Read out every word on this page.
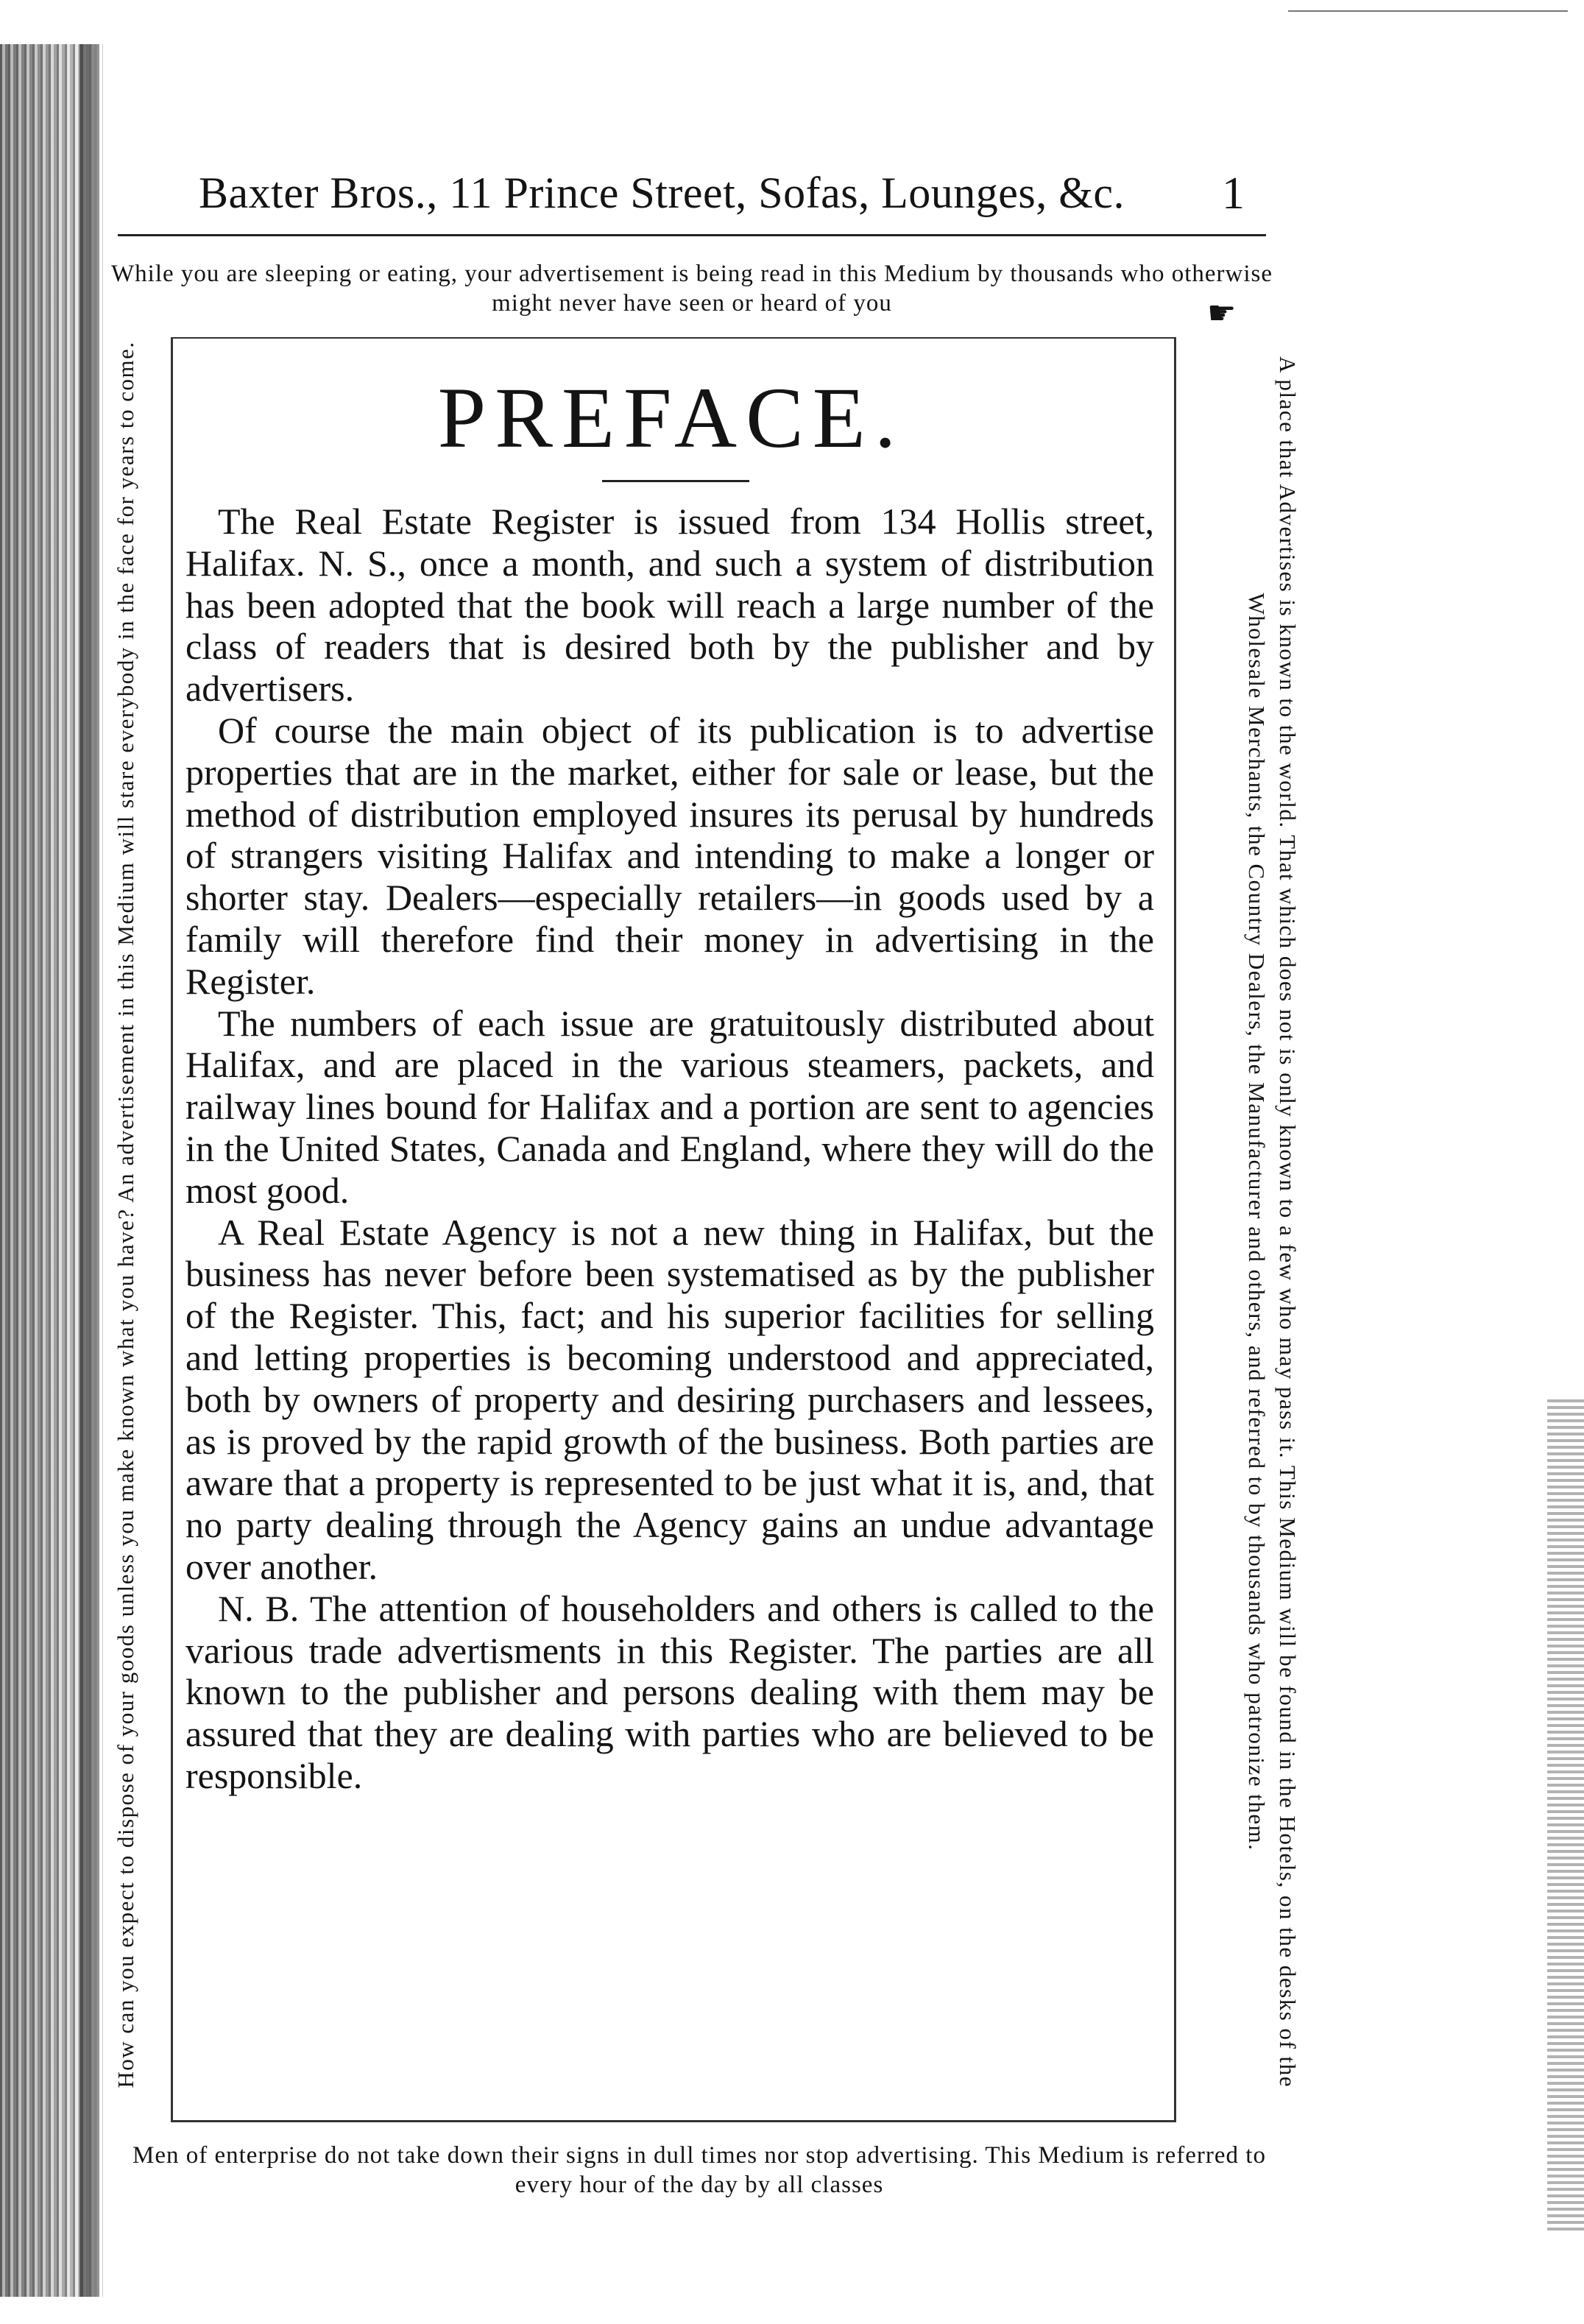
Baxter Bros., 11 Prince Street, Sofas, Lounges, &c.	1
While you are sleeping or eating, your advertisement is being read in this Medium by thousands who otherwise might never have seen or heard of you	☛
How can you expect to dispose of your goods unless you make known what you have? An advertisement in this Medium will stare everybody in the face for years to come.	A place that Advertises is known to the world. That which does not is only known to a few who may pass it. This Medium will be found in the Hotels, on the desks of the Wholesale Merchants, the Country Dealers, the Manufacturer and others, and referred to by thousands who patronize them.
PREFACE.

The Real Estate Register is issued from 134 Hollis street, Halifax. N. S., once a month, and such a system of distribution has been adopted that the book will reach a large number of the class of readers that is desired both by the publisher and by advertisers.

Of course the main object of its publication is to advertise properties that are in the market, either for sale or lease, but the method of distribution employed insures its perusal by hundreds of strangers visiting Halifax and intending to make a longer or shorter stay. Dealers—especially retailers—in goods used by a family will therefore find their money in advertising in the Register.

The numbers of each issue are gratuitously distributed about Halifax, and are placed in the various steamers, packets, and railway lines bound for Halifax and a portion are sent to agencies in the United States, Canada and England, where they will do the most good.

A Real Estate Agency is not a new thing in Halifax, but the business has never before been systematised as by the publisher of the Register. This, fact; and his superior facilities for selling and letting properties is becoming understood and appreciated, both by owners of property and desiring purchasers and lessees, as is proved by the rapid growth of the business. Both parties are aware that a property is represented to be just what it is, and, that no party dealing through the Agency gains an undue advantage over another.

N. B. The attention of householders and others is called to the various trade advertisments in this Register. The parties are all known to the publisher and persons dealing with them may be assured that they are dealing with parties who are believed to be responsible.

Men of enterprise do not take down their signs in dull times nor stop advertising. This Medium is referred to every hour of the day by all classes
